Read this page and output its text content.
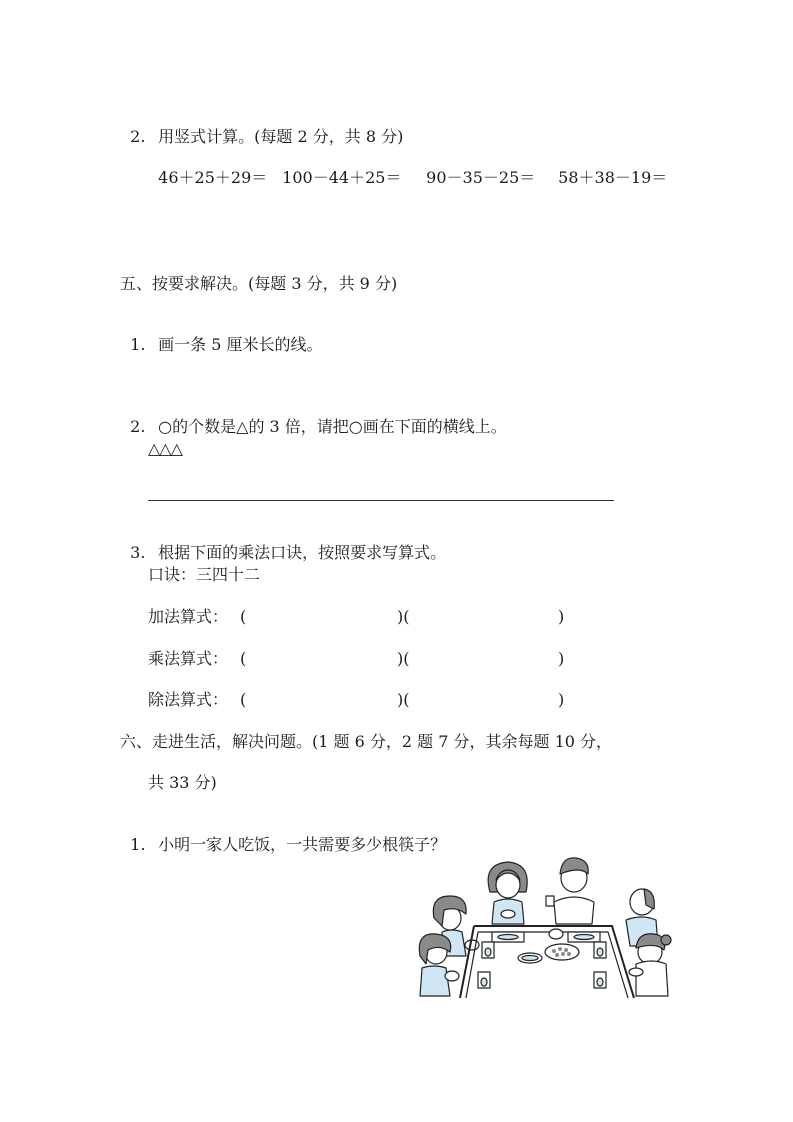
2. 用竖式计算。(每题 2 分，共 8 分)

46＋25＋29＝ 100－44＋25＝ 90－35－25＝ 58＋38－19＝

五、按要求解决。(每题 3 分，共 9 分)

1. 画一条 5 厘米长的线。

2. ○的个数是△的 3 倍，请把○画在下面的横线上。

△△△

3. 根据下面的乘法口诀，按照要求写算式。

口诀：三四十二
加法算式： (	)(	)
乘法算式： (	)(	)
除法算式： (	)(	)
六、走进生活，解决问题。(1 题 6 分，2 题 7 分，其余每题 10 分，
共 33 分)

1. 小明一家人吃饭，一共需要多少根筷子？
